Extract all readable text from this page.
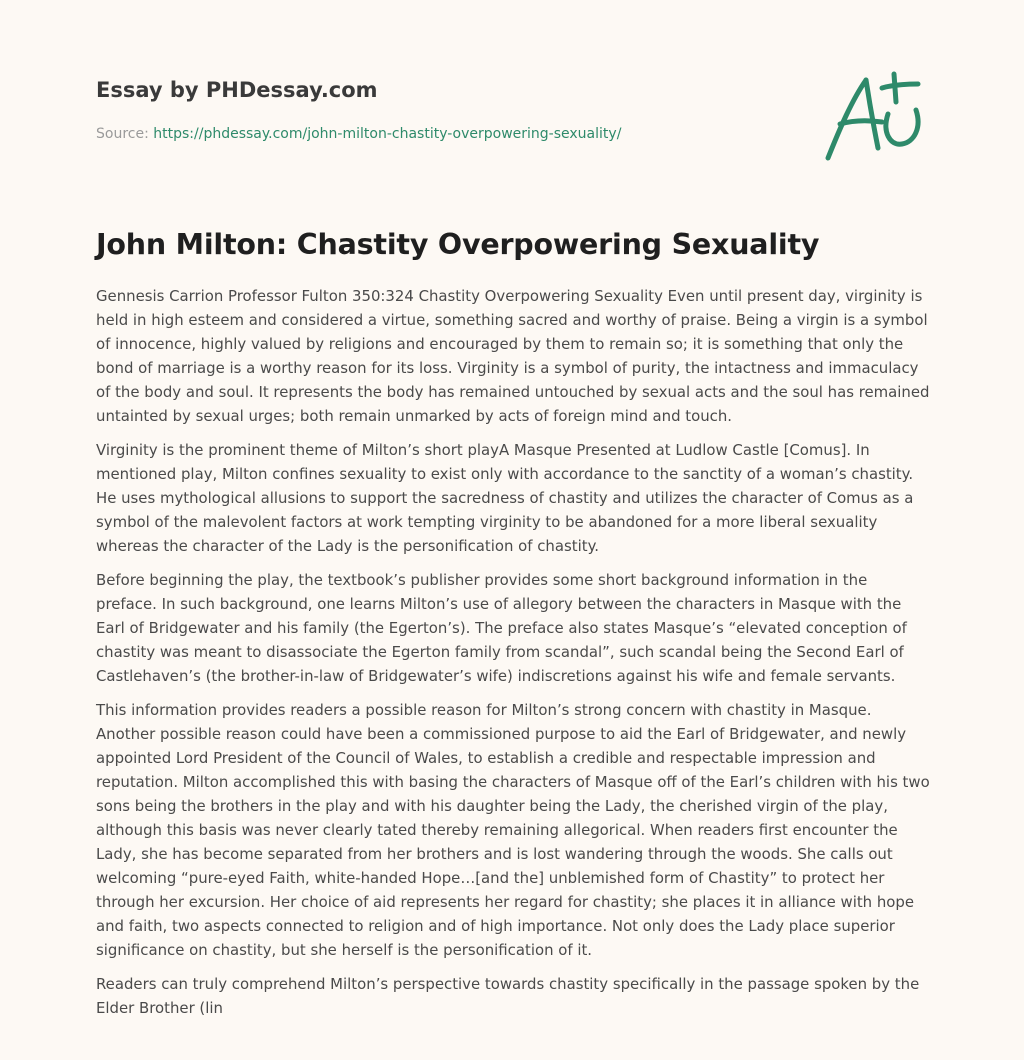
Essay by PHDessay.com
Source: https://phdessay.com/john-milton-chastity-overpowering-sexuality/
John Milton: Chastity Overpowering Sexuality

Gennesis Carrion Professor Fulton 350:324 Chastity Overpowering Sexuality Even until present day, virginity is held in high esteem and considered a virtue, something sacred and worthy of praise. Being a virgin is a symbol of innocence, highly valued by religions and encouraged by them to remain so; it is something that only the bond of marriage is a worthy reason for its loss. Virginity is a symbol of purity, the intactness and immaculacy of the body and soul. It represents the body has remained untouched by sexual acts and the soul has remained untainted by sexual urges; both remain unmarked by acts of foreign mind and touch.

Virginity is the prominent theme of Milton’s short playA Masque Presented at Ludlow Castle [Comus]. In mentioned play, Milton confines sexuality to exist only with accordance to the sanctity of a woman’s chastity. He uses mythological allusions to support the sacredness of chastity and utilizes the character of Comus as a symbol of the malevolent factors at work tempting virginity to be abandoned for a more liberal sexuality whereas the character of the Lady is the personification of chastity.

Before beginning the play, the textbook’s publisher provides some short background information in the preface. In such background, one learns Milton’s use of allegory between the characters in Masque with the Earl of Bridgewater and his family (the Egerton’s). The preface also states Masque’s “elevated conception of chastity was meant to disassociate the Egerton family from scandal”, such scandal being the Second Earl of Castlehaven’s (the brother-in-law of Bridgewater’s wife) indiscretions against his wife and female servants.

This information provides readers a possible reason for Milton’s strong concern with chastity in Masque. Another possible reason could have been a commissioned purpose to aid the Earl of Bridgewater, and newly appointed Lord President of the Council of Wales, to establish a credible and respectable impression and reputation. Milton accomplished this with basing the characters of Masque off of the Earl’s children with his two sons being the brothers in the play and with his daughter being the Lady, the cherished virgin of the play, although this basis was never clearly tated thereby remaining allegorical. When readers first encounter the Lady, she has become separated from her brothers and is lost wandering through the woods. She calls out welcoming “pure-eyed Faith, white-handed Hope…[and the] unblemished form of Chastity” to protect her through her excursion. Her choice of aid represents her regard for chastity; she places it in alliance with hope and faith, two aspects connected to religion and of high importance. Not only does the Lady place superior significance on chastity, but she herself is the personification of it.

Readers can truly comprehend Milton’s perspective towards chastity specifically in the passage spoken by the Elder Brother (lin
